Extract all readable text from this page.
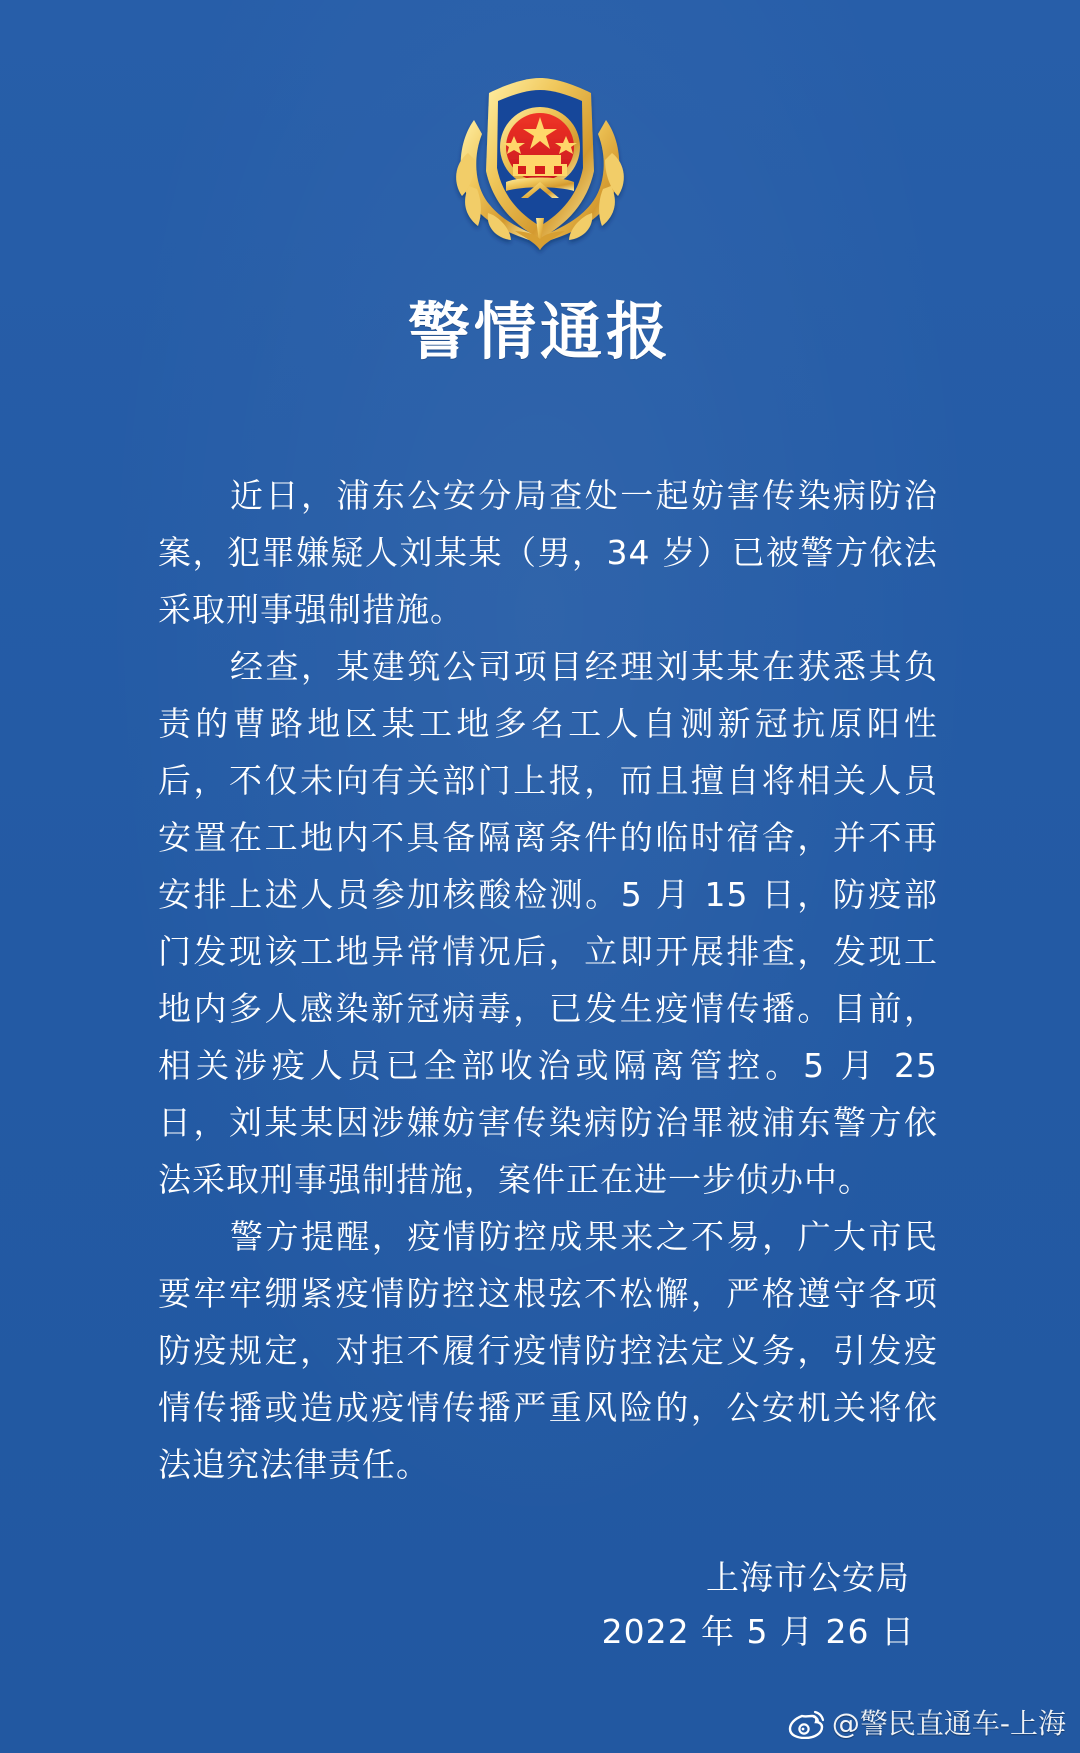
警情通报

近日，浦东公安分局查处一起妨害传染病防治案，犯罪嫌疑人刘某某（男，34 岁）已被警方依法采取刑事强制措施。

经查，某建筑公司项目经理刘某某在获悉其负责的曹路地区某工地多名工人自测新冠抗原阳性后，不仅未向有关部门上报，而且擅自将相关人员安置在工地内不具备隔离条件的临时宿舍，并不再安排上述人员参加核酸检测。5 月 15 日，防疫部门发现该工地异常情况后，立即开展排查，发现工地内多人感染新冠病毒，已发生疫情传播。目前，相关涉疫人员已全部收治或隔离管控。5 月 25 日，刘某某因涉嫌妨害传染病防治罪被浦东警方依法采取刑事强制措施，案件正在进一步侦办中。

警方提醒，疫情防控成果来之不易，广大市民要牢牢绷紧疫情防控这根弦不松懈，严格遵守各项防疫规定，对拒不履行疫情防控法定义务，引发疫情传播或造成疫情传播严重风险的，公安机关将依法追究法律责任。

上海市公安局
2022 年 5 月 26 日
@警民直通车-上海
